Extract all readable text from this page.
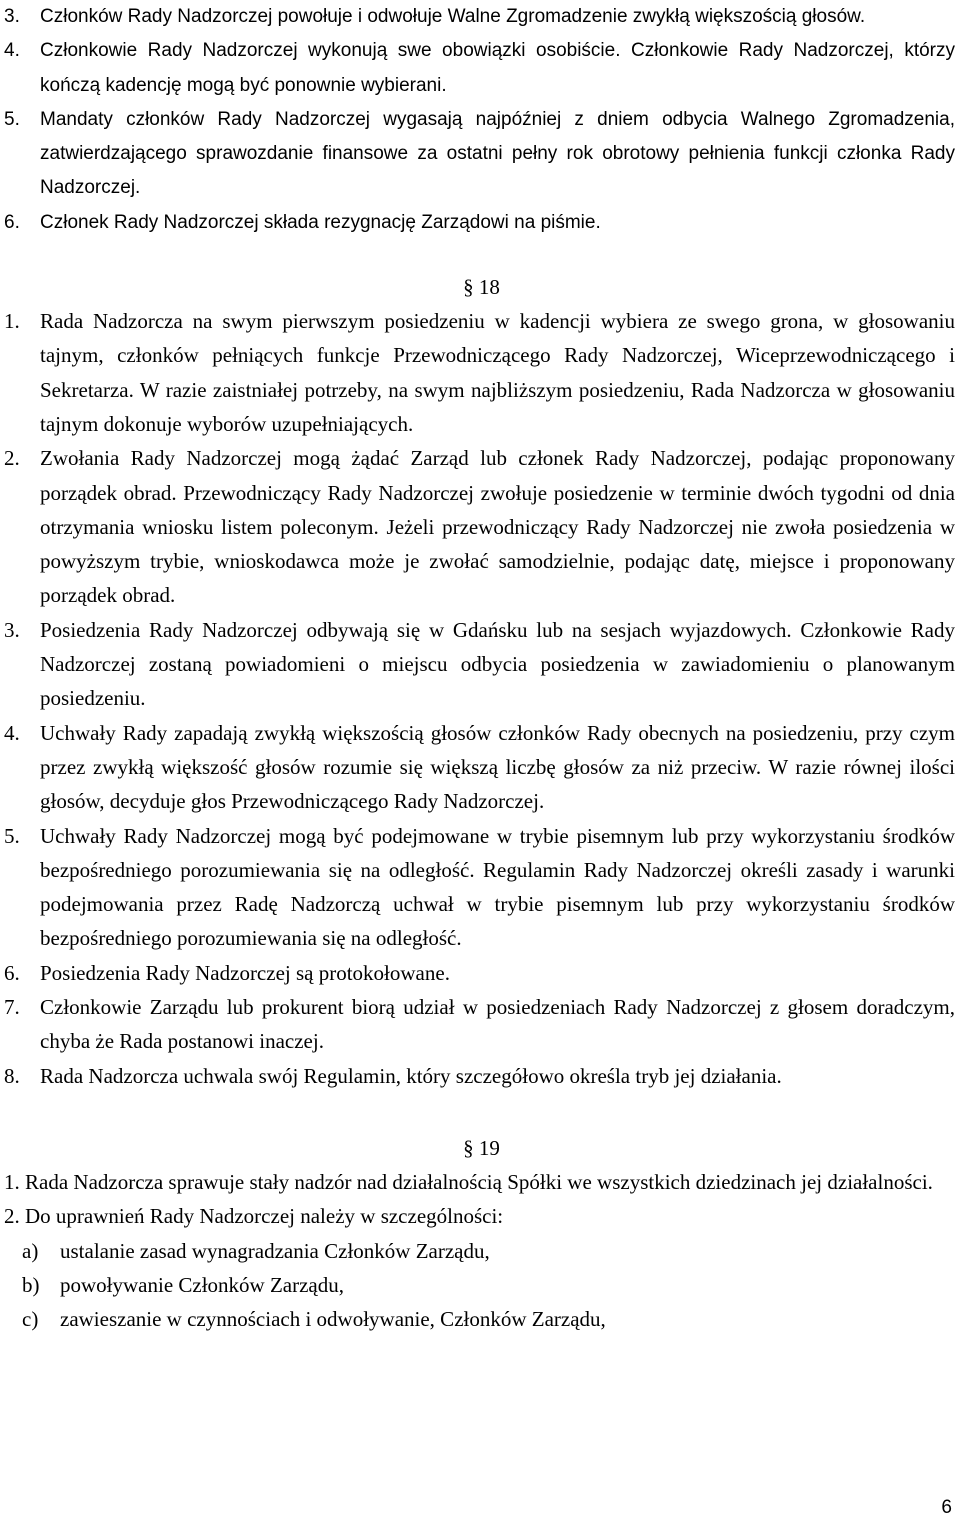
3. Członków Rady Nadzorczej powołuje i odwołuje Walne Zgromadzenie zwykłą większością głosów.
4. Członkowie Rady Nadzorczej wykonują swe obowiązki osobiście. Członkowie Rady Nadzorczej, którzy kończą kadencję mogą być ponownie wybierani.
5. Mandaty członków Rady Nadzorczej wygasają najpóźniej z dniem odbycia Walnego Zgromadzenia, zatwierdzającego sprawozdanie finansowe za ostatni pełny rok obrotowy pełnienia funkcji członka Rady Nadzorczej.
6. Członek Rady Nadzorczej składa rezygnację Zarządowi na piśmie.
§ 18
1. Rada Nadzorcza na swym pierwszym posiedzeniu w kadencji wybiera ze swego grona, w głosowaniu tajnym, członków pełniących funkcje Przewodniczącego Rady Nadzorczej, Wiceprzewodniczącego i Sekretarza. W razie zaistniałej potrzeby, na swym najbliższym posiedzeniu, Rada Nadzorcza w głosowaniu tajnym dokonuje wyborów uzupełniających.
2. Zwołania Rady Nadzorczej mogą żądać Zarząd lub członek Rady Nadzorczej, podając proponowany porządek obrad. Przewodniczący Rady Nadzorczej zwołuje posiedzenie w terminie dwóch tygodni od dnia otrzymania wniosku listem poleconym. Jeżeli przewodniczący Rady Nadzorczej nie zwoła posiedzenia w powyższym trybie, wnioskodawca może je zwołać samodzielnie, podając datę, miejsce i proponowany porządek obrad.
3. Posiedzenia Rady Nadzorczej odbywają się w Gdańsku lub na sesjach wyjazdowych. Członkowie Rady Nadzorczej zostaną powiadomieni o miejscu odbycia posiedzenia w zawiadomieniu o planowanym posiedzeniu.
4. Uchwały Rady zapadają zwykłą większością głosów członków Rady obecnych na posiedzeniu, przy czym przez zwykłą większość głosów rozumie się większą liczbę głosów za niż przeciw. W razie równej ilości głosów, decyduje głos Przewodniczącego Rady Nadzorczej.
5. Uchwały Rady Nadzorczej mogą być podejmowane w trybie pisemnym lub przy wykorzystaniu środków bezpośredniego porozumiewania się na odległość. Regulamin Rady Nadzorczej określi zasady i warunki podejmowania przez Radę Nadzorczą uchwał w trybie pisemnym lub przy wykorzystaniu środków bezpośredniego porozumiewania się na odległość.
6. Posiedzenia Rady Nadzorczej są protokołowane.
7. Członkowie Zarządu lub prokurent biorą udział w posiedzeniach Rady Nadzorczej z głosem doradczym, chyba że Rada postanowi inaczej.
8. Rada Nadzorcza uchwala swój Regulamin, który szczegółowo określa tryb jej działania.
§ 19
1. Rada Nadzorcza sprawuje stały nadzór nad działalnością Spółki we wszystkich dziedzinach jej działalności.
2. Do uprawnień Rady Nadzorczej należy w szczególności:
a) ustalanie zasad wynagradzania Członków Zarządu,
b) powoływanie Członków Zarządu,
c) zawieszanie w czynnościach i odwoływanie, Członków Zarządu,
6
